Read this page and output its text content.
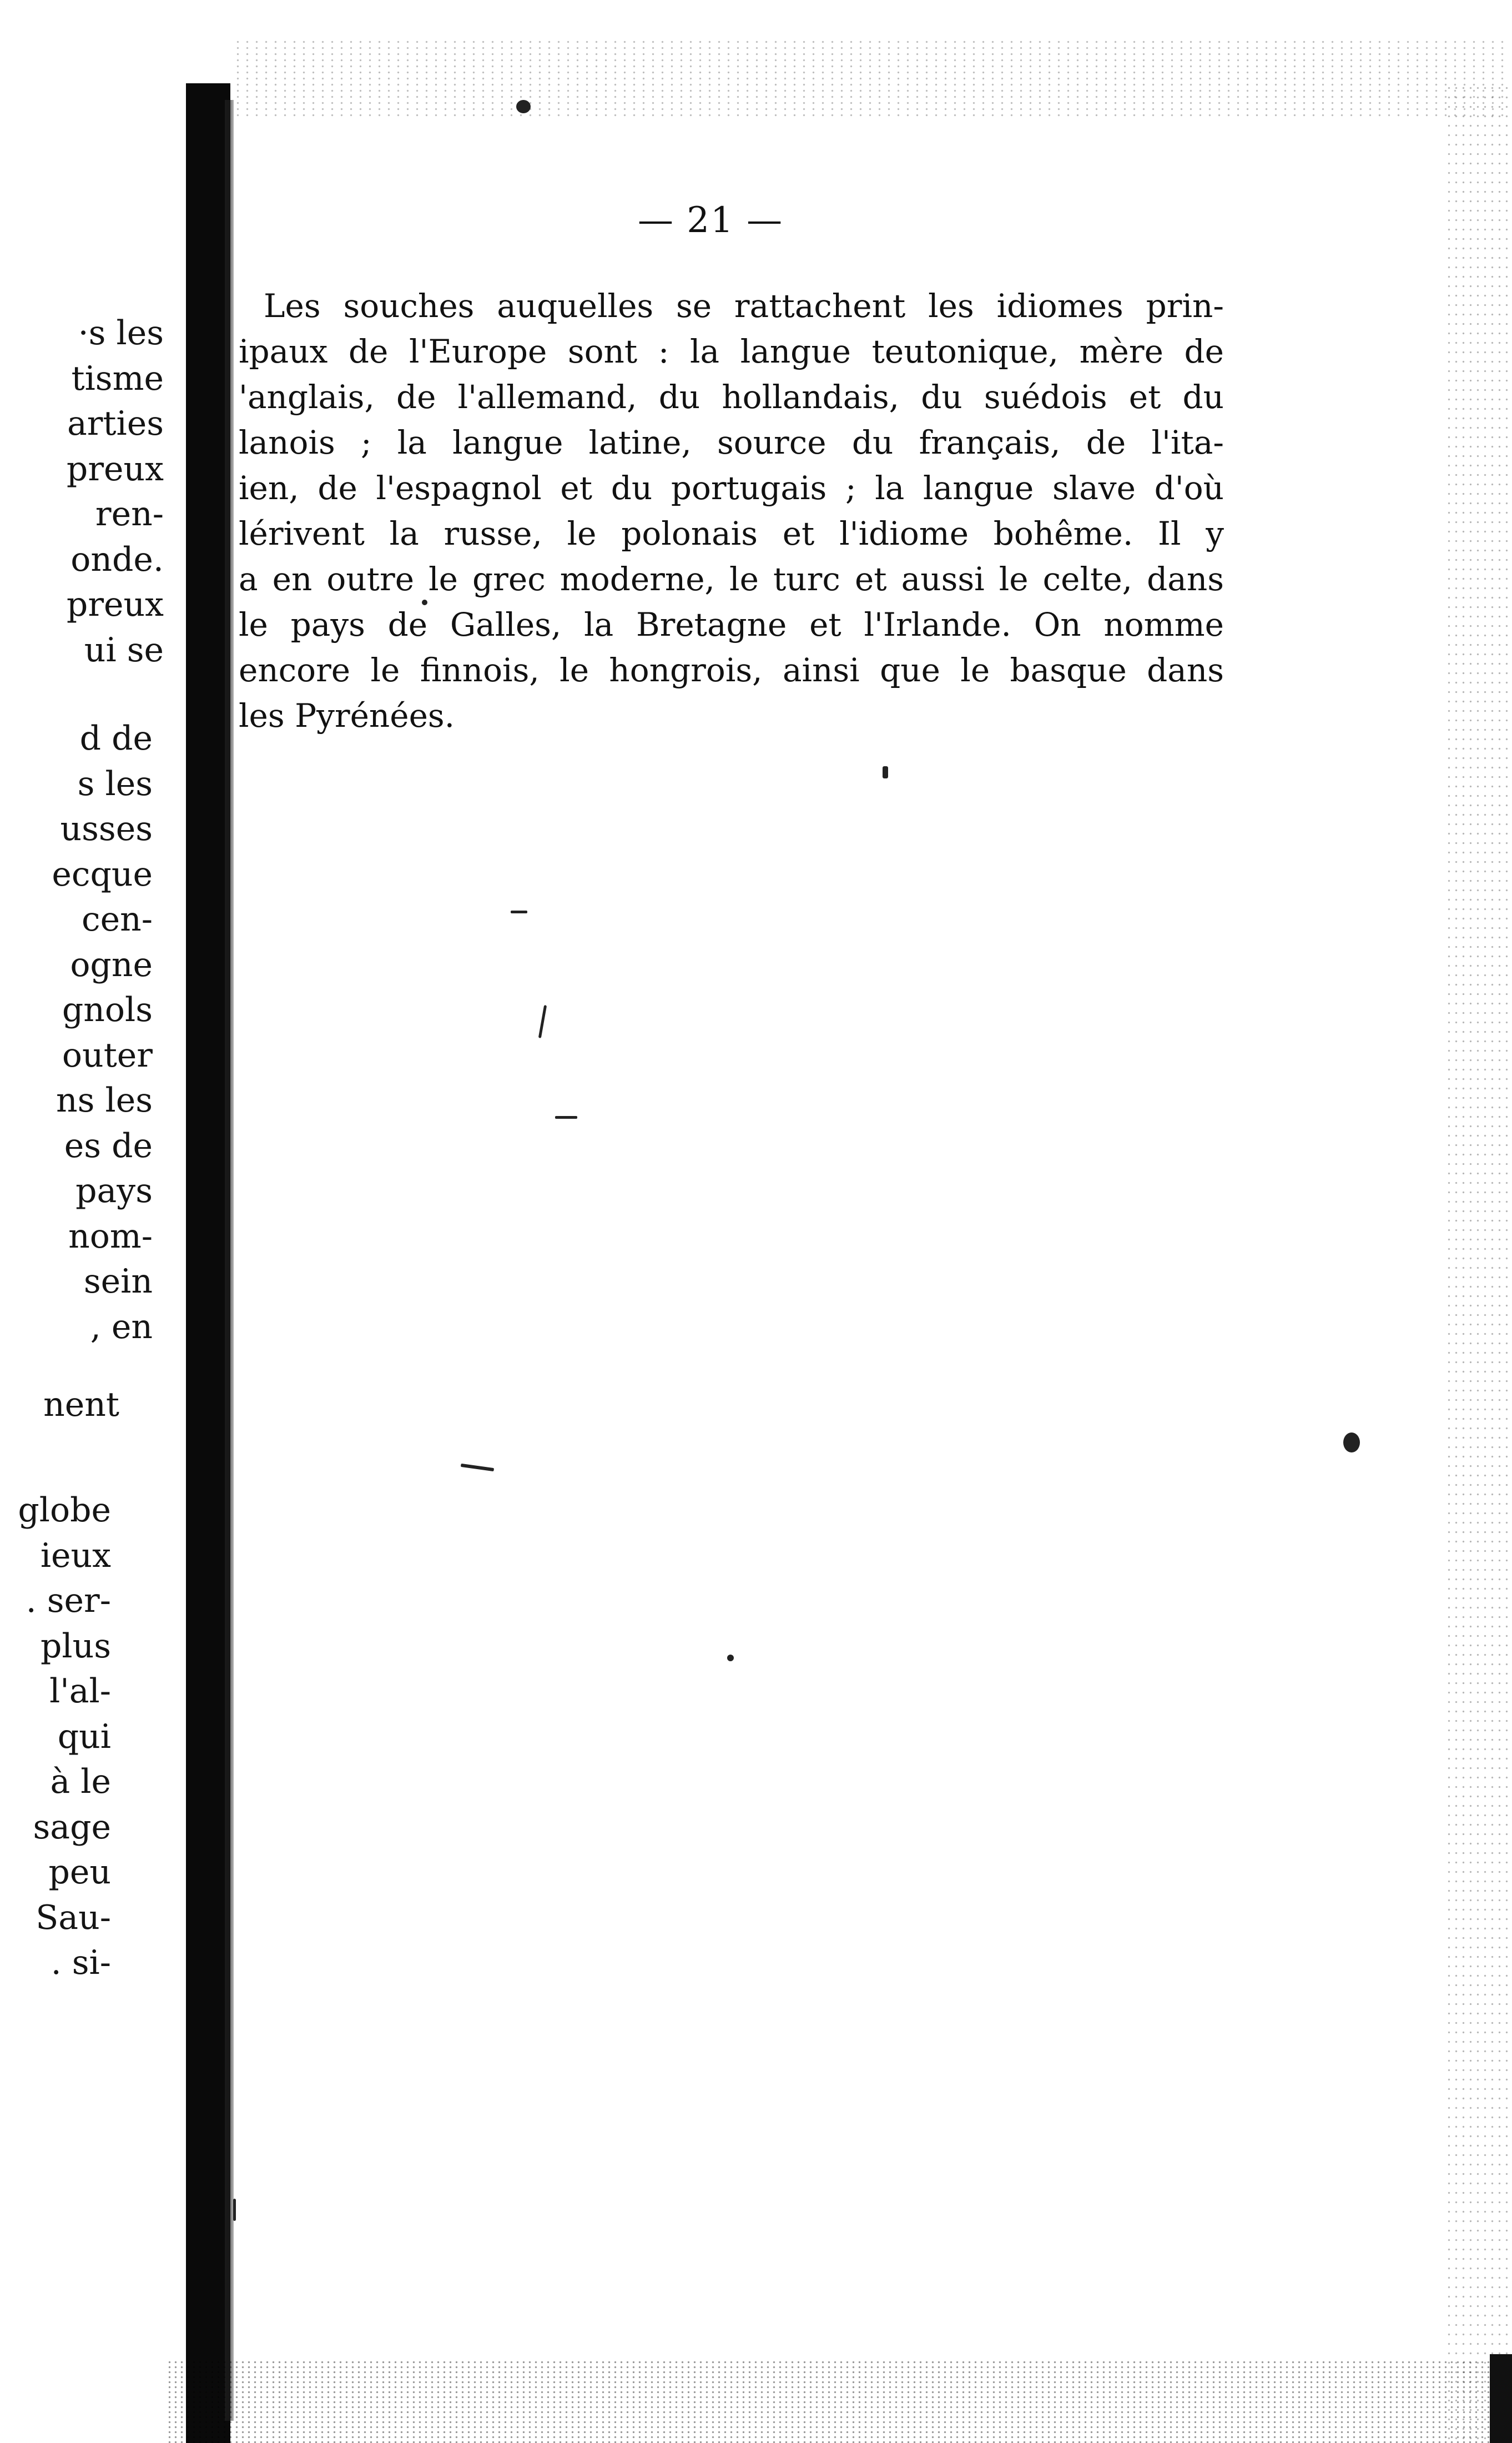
·s les
tisme
arties
preux
ren-
onde.
preux
ui se
d de
s les
usses
ecque
cen-
ogne
gnols
outer
ns les
es de
pays
nom-
sein
, en
nent
globe
ieux
. ser-
plus
l'al-
qui
à le
sage
peu
Sau-
. si-
— 21 —
Les souches auquelles se rattachent les idiomes prin-
ipaux de l'Europe sont : la langue teutonique, mère de
'anglais, de l'allemand, du hollandais, du suédois et du
lanois ; la langue latine, source du français, de l'ita-
ien, de l'espagnol et du portugais ; la langue slave d'où
lérivent la russe, le polonais et l'idiome bohême. Il y
a en outre le grec moderne, le turc et aussi le celte, dans
le pays de Galles, la Bretagne et l'Irlande. On nomme
encore le finnois, le hongrois, ainsi que le basque dans
les Pyrénées.
